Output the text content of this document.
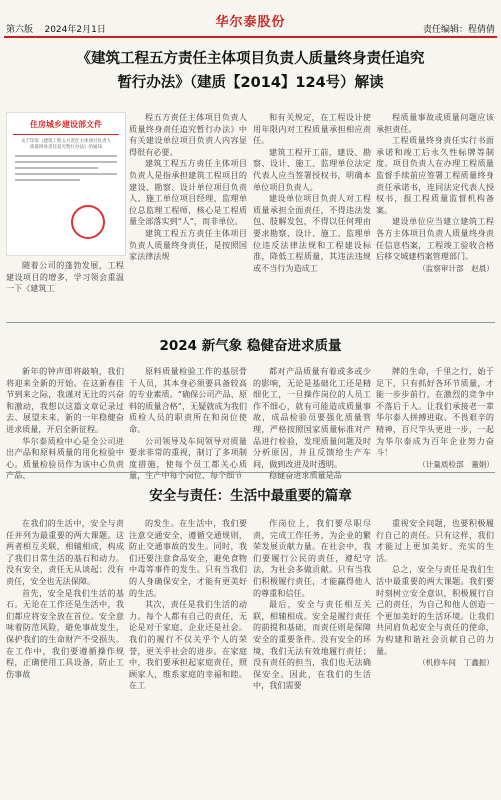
第六版 2024年2月1日	华尔泰股份	责任编辑：程倩倩
《建筑工程五方责任主体项目负责人质量终身责任追究
暂行办法》（建质【2014】124号）解读
住房城乡建设部文件
关于印发《建筑工程五方责任主体项目负责人
质量终身责任追究暂行办法》的通知

随着公司的蓬勃发展，工程建设项目的增多，学习领会重温一下《建筑工

程五方责任主体项目负责人质量终身责任追究暂行办法》中有关建设单位项目负责人内容显得很有必要。

建筑工程五方责任主体项目负责人是指承担建筑工程项目的建设、勘察、设计单位项目负责人、施工单位项目经理、监理单位总监理工程师，核心是工程质量全部落实到“人”，而非单位。

建筑工程五方责任主体项目负责人质量终身责任，是按照国家法律法规

和有关规定，在工程设计使用年限内对工程质量承担相应责任。

建筑工程开工前，建设、勘察、设计、施工、监理单位法定代表人应当签署授权书，明确本单位项目负责人。

建设单位项目负责人对工程质量承担全面责任，不得违法发包、肢解发包，不得以任何理由要求勘察、设计、施工、监理单位违反法律法规和工程建设标准，降低工程质量，其违法违规或不当行为造成工

程质量事故或质量问题应该承担责任。

工程质量终身责任实行书面承诺和竣工后永久性标牌等制度。项目负责人在办理工程质量监督手续前应签署工程质量终身责任承诺书，连同法定代表人授权书，报工程质量监督机构备案。

建设单位应当建立建筑工程各方主体项目负责人质量终身责任信息档案，工程竣工验收合格后移交城建档案管理部门。

（监察审计部　赵晨）

2024 新气象 稳健奋进求质量

新年的钟声即将敲响，我们将迎来全新的开始。在这新春佳节到来之际，我谨对无比的兴奋和激动，我想以这篇文章记录过去、展望未来，新的一年稳健奋进求质量，开启全新征程。

华尔泰质检中心是全公司进出产品和原料质量的用化检验中心。质量检验员作为该中心负责产品、

原料质量检验工作的基层骨干人员，其本身必须要具备较高的专业素质。“确保公司产品、原料的质量合格”，无疑就成为我们质检人员的职责所在和岗位使命。

公司领导及车间领导对质量要求非常的重视，制订了多项制度措施，使每个员工都关心质量，生产中每个岗位、每个细节

都对产品质量有着或多或少的影响，无论是基础化工还是精细化工，一旦操作岗位的人员工作不细心，就有可能造成质量事故，成品检验员要强化质量管理，严格按照国家质量标准对产品进行检验，发现质量问题及时分析原因，并且反馈给生产车间，做到改进及时透明。

稳健奋进求质量是品

牌的生命，千里之行，始于足下，只有抓好各环节质量，才能一步步前行，在激烈的竞争中不落后于人。让我们承接老一辈华尔泰人拼搏进取、不畏艰辛的精神，百尺竿头更进一步，一起为华尔泰成为百年企业努力奋斗！

（计量质检部　董娟）

安全与责任：生活中最重要的篇章

在我们的生活中，安全与责任并列为最重要的两大课题。这两者相互关联，相辅相成，构成了我们日常生活的基石和动力。没有安全，责任无从谈起；没有责任，安全也无法保障。

首先，安全是我们生活的基石。无论在工作还是生活中，我们都应将安全放在首位。安全意味着防范风险，避免事故发生，保护我们的生命财产不受损失。在工作中，我们要遵循操作规程，正确使用工具设备，防止工伤事故

的发生。在生活中，我们要注意交通安全，遵循交通规则，防止交通事故的发生。同时，我们还要注意食品安全，避免食物中毒等事件的发生。只有当我们的人身确保安全，才能有更美好的生活。

其次，责任是我们生活的动力。每个人都有自己的责任，无论是对于家庭、企业还是社会。我们的履行不仅关乎个人的荣誉，更关乎社会的进步。在家庭中，我们要承担起家庭责任，照顾家人，维系家庭的幸福和睦。在工

作岗位上，我们要尽职尽责，完成工作任务，为企业的繁荣发展贡献力量。在社会中，我们要履行公民的责任，遵纪守法，为社会多做贡献。只有当我们积极履行责任，才能赢得他人的尊重和信任。

最后，安全与责任相互关联，相辅相成。安全是履行责任的前提和基础，而责任则是保障安全的重要条件。没有安全的环境，我们无法有效地履行责任；没有责任的担当，我们也无法确保安全。因此，在我们的生活中，我们需要

重视安全问题，也要积极履行自己的责任。只有这样，我们才能过上更加美好、充实的生活。

总之，安全与责任是我们生活中最重要的两大课题。我们要时刻树立安全意识，积极履行自己的责任，为自己和他人创造一个更加美好的生活环境。让我们共同肩负起安全与责任的使命，为构建和谐社会贡献自己的力量。

（机修车间　丁鑫振）
